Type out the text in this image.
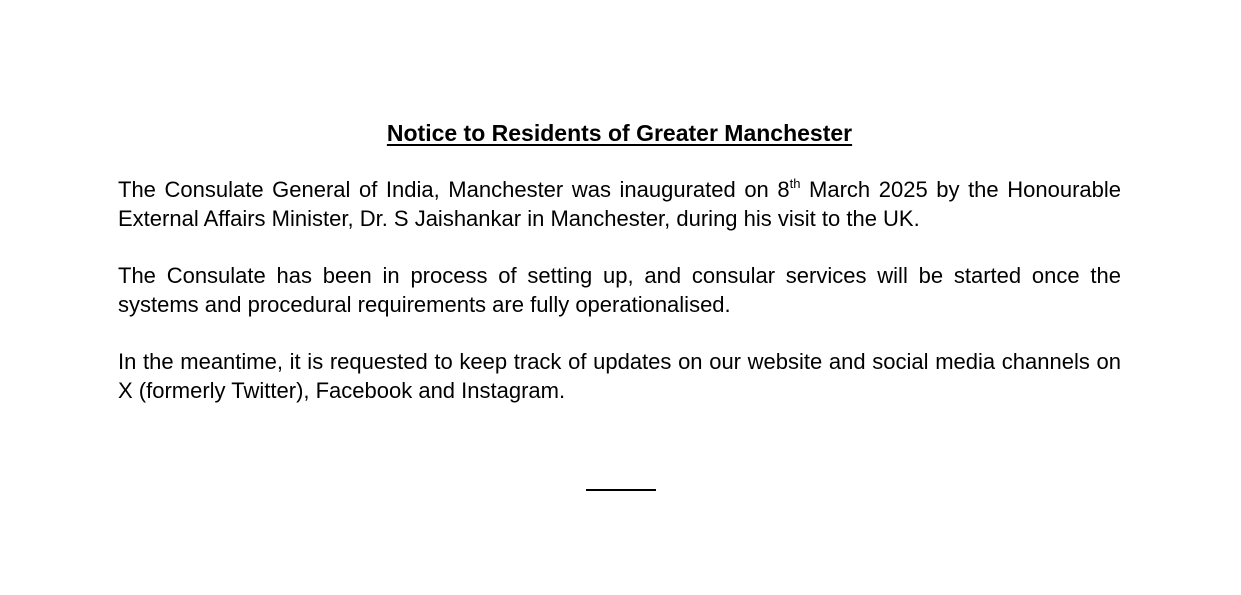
Notice to Residents of Greater Manchester

The Consulate General of India, Manchester was inaugurated on 8th March 2025 by the Honourable External Affairs Minister, Dr. S Jaishankar in Manchester, during his visit to the UK.

The Consulate has been in process of setting up, and consular services will be started once the systems and procedural requirements are fully operationalised.

In the meantime, it is requested to keep track of updates on our website and social media channels on X (formerly Twitter), Facebook and Instagram.
